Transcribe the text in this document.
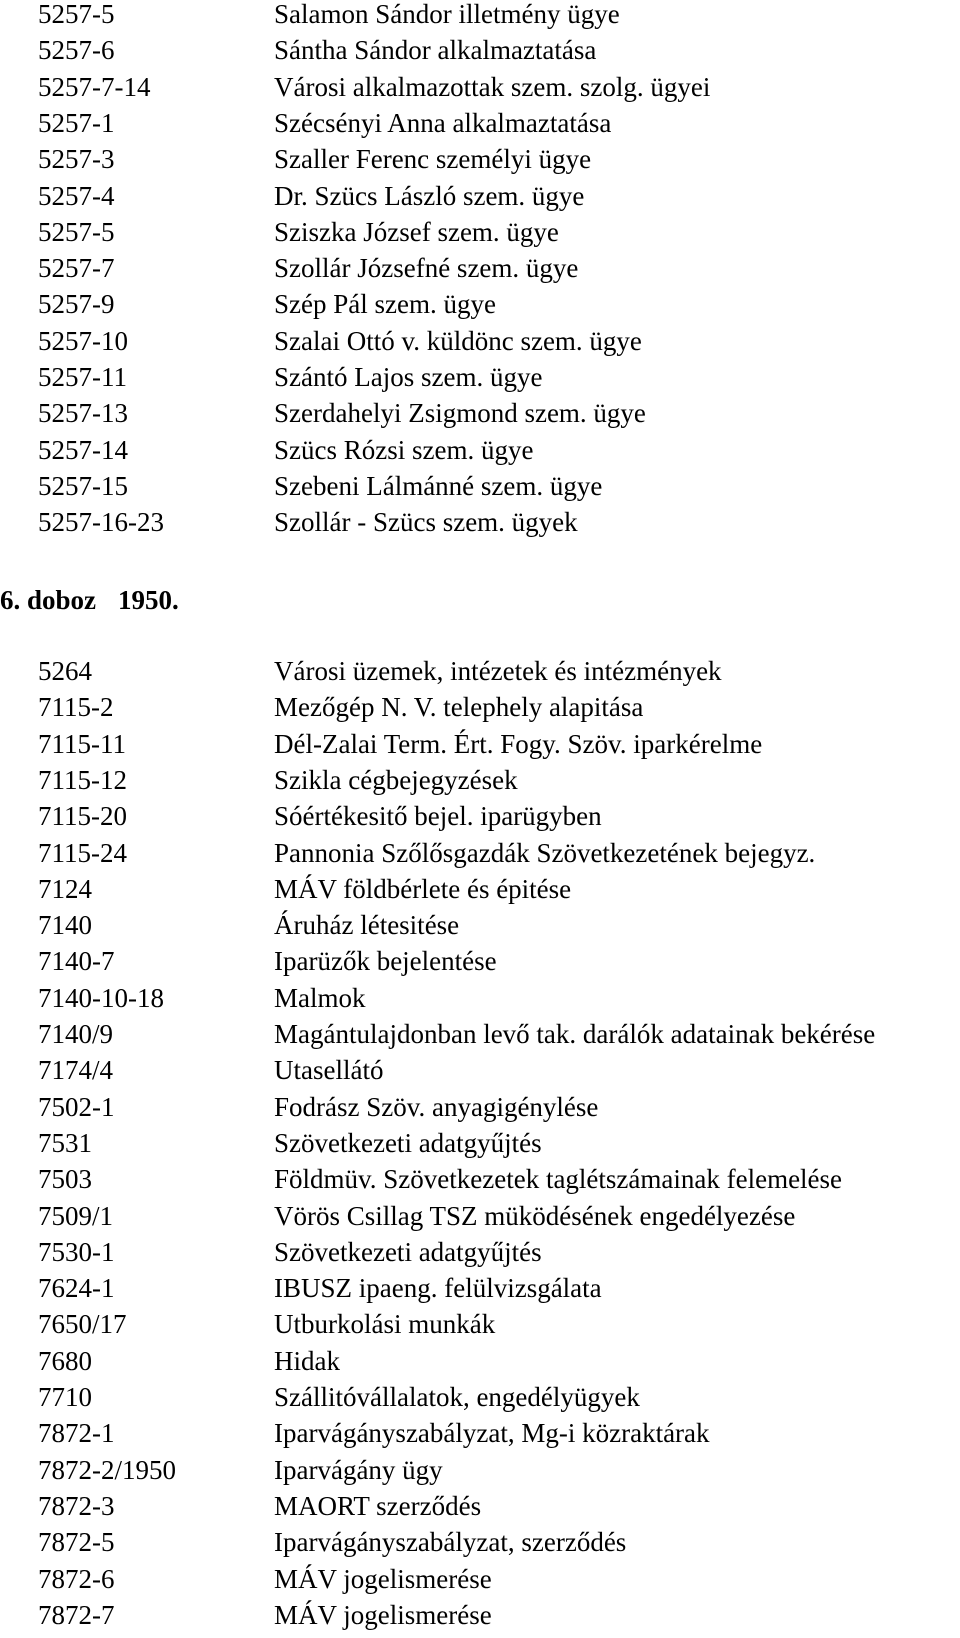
5257-5	Salamon Sándor illetmény ügye
5257-6	Sántha Sándor alkalmaztatása
5257-7-14	Városi alkalmazottak szem. szolg. ügyei
5257-1	Szécsényi Anna alkalmaztatása
5257-3	Szaller Ferenc személyi ügye
5257-4	Dr. Szücs László szem. ügye
5257-5	Sziszka József szem. ügye
5257-7	Szollár Józsefné szem. ügye
5257-9	Szép Pál szem. ügye
5257-10	Szalai Ottó v. küldönc szem. ügye
5257-11	Szántó Lajos szem. ügye
5257-13	Szerdahelyi Zsigmond szem. ügye
5257-14	Szücs Rózsi szem. ügye
5257-15	Szebeni Lálmánné szem. ügye
5257-16-23	Szollár - Szücs szem. ügyek
6. doboz 1950.
5264	Városi üzemek, intézetek és intézmények
7115-2	Mezőgép N. V. telephely alapitása
7115-11	Dél-Zalai Term. Ért. Fogy. Szöv. iparkérelme
7115-12	Szikla cégbejegyzések
7115-20	Sóértékesitő bejel. iparügyben
7115-24	Pannonia Szőlősgazdák Szövetkezetének bejegyz.
7124	MÁV földbérlete és épitése
7140	Áruház létesitése
7140-7	Iparüzők bejelentése
7140-10-18	Malmok
7140/9	Magántulajdonban levő tak. darálók adatainak bekérése
7174/4	Utasellátó
7502-1	Fodrász Szöv. anyagigénylése
7531	Szövetkezeti adatgyűjtés
7503	Földmüv. Szövetkezetek taglétszámainak felemelése
7509/1	Vörös Csillag TSZ müködésének engedélyezése
7530-1	Szövetkezeti adatgyűjtés
7624-1	IBUSZ ipaeng. felülvizsgálata
7650/17	Utburkolási munkák
7680	Hidak
7710	Szállitóvállalatok, engedélyügyek
7872-1	Iparvágányszabályzat, Mg-i közraktárak
7872-2/1950	Iparvágány ügy
7872-3	MAORT szerződés
7872-5	Iparvágányszabályzat, szerződés
7872-6	MÁV jogelismerése
7872-7	MÁV jogelismerése
